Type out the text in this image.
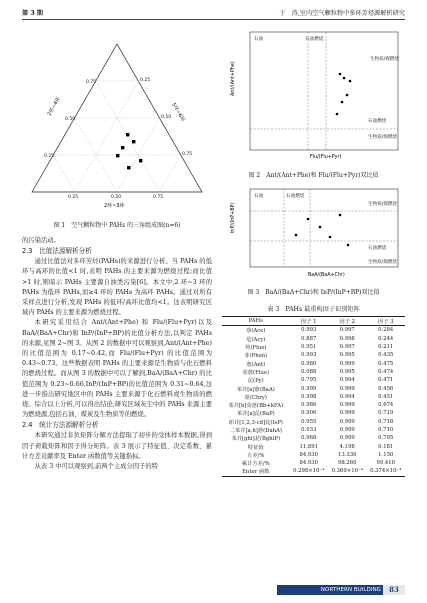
第 3 期	于　涛,室内空气颗粒物中多环芳烃源解析研究
0.25
0.50
0.75
0.25	0.50	0.75
0.25
0.50
0.75
2环~4环	5环~6环
2环~3环
图 1　空气颗粒物中 PAHs 的三角组成图(n=6)

的污染活动。

2.3　比值法源解析分析

通过比值法对多环芳烃(PAHs)的来源进行分析。当 PAHs 的低环与高环的比值<1 时,表明 PAHs 的主要来源为燃烧过程;而比值>1 时,则暗示 PAHs 主要源自油类污染[6]。本文中,2 环~3 环的 PAHs 为低环 PAHs,而≥4 环的 PAHs 为高环 PAHs。通过对所有采样点进行分析,发现 PAHs 的低环/高环比值均<1。这表明研究区域内 PAHs 的主要来源为燃烧过程。

本研究采用结合 Ant/(Ant+Phe) 和 Flu/(Flu+Pyr)以及 BaA/(BaA+Chr)和 InP/(InP+BP)的比值分析方法,以判定 PAHs 的来源,见图 2~图 3。从图 2 的数据中可以观察到,Ant/(Ant+Phe)的比值范围为 0.17~0.42,而 Flu/(Flu+Pyr) 的比值范围为 0.43~0.73。这些数据表明 PAHs 的主要来源是生物质与化石燃料的燃烧过程。而从图 3 的数据中可以了解到,BaA/(BaA+Chr) 的比值范围为 0.23~0.66,InP/(InP+BP)的比值范围为 0.31~0.64,这进一步指出研究地区中的 PAHs 主要来源于化石燃料或生物质的燃烧。综合以上分析,可以得出结论,研究区域灰尘中的 PAHs 来源主要为燃烧源,包括石油、煤炭及生物质等的燃烧。

2.4　统计方法源解析分析

本研究通过非负矩阵分解方法提取了初步的受体样本数据,得到因子荷载矩阵和因子得分矩阵。表 3 展示了特征值、决定系数、累计方差贡献率及 Enter 函数值等关键指标。

从表 3 中可以观察到,前两个主成分因子的特

石油	石油燃烧
生物质/煤燃烧
石油燃烧
生物质/煤燃烧
Ant/(Ant+Phe)
Flu/(Flu+Pyr)
图 2　Ant/(Ant+Phe)和 Flu/(Flu+Pyr)双比值
石油	石油燃烧
生物质/煤燃烧
石油燃烧
生物质/煤燃烧
InP/(InP+BP)
BaA/(BaA+Chr)
图 3　BaA/(BaA+Chr)和 InP/(InP+BP)双比值
表 3　PAHs 最重构因子识别矩阵
PAHs	因子 1	因子 2	因子 3
萘(Ace)	0.993	0.997	0.284
苊(Acy)	0.887	0.998	0.244
芴(Fluo)	0.951	0.997	0.211
菲(Phen)	0.993	0.995	0.435
蒽(Ant)	0.980	0.999	0.475
荧蒽(Flue)	0.088	0.995	0.474
芘(Py)	0.795	0.994	0.471
苯并[a]蒽(BaA)	0.999	0.999	0.456
䓛(Chry)	0.998	0.994	0.451
苯并[b]荧蒽(Bb+kFA)	0.986	0.999	0.674
苯并[a]芘(BaP)	0.906	0.999	0.719
茚并[1,2,3-cd]芘(IsP)	0.955	0.999	0.718
二苯并[a,h]蒽(DahA)	0.933	0.999	0.710
苯并[ghi]苝(BghiP)	0.968	0.999	0.705
特征值	11.891	4.198	0.181
方差/%	84.930	13.330	1.150
累计方差/%	84.930	98.260	99.410
Enter 函数	0.298×10⁻⁴	0.369×10⁻⁴	0.374×10⁻⁴
NORTHERN BUILDING	83
